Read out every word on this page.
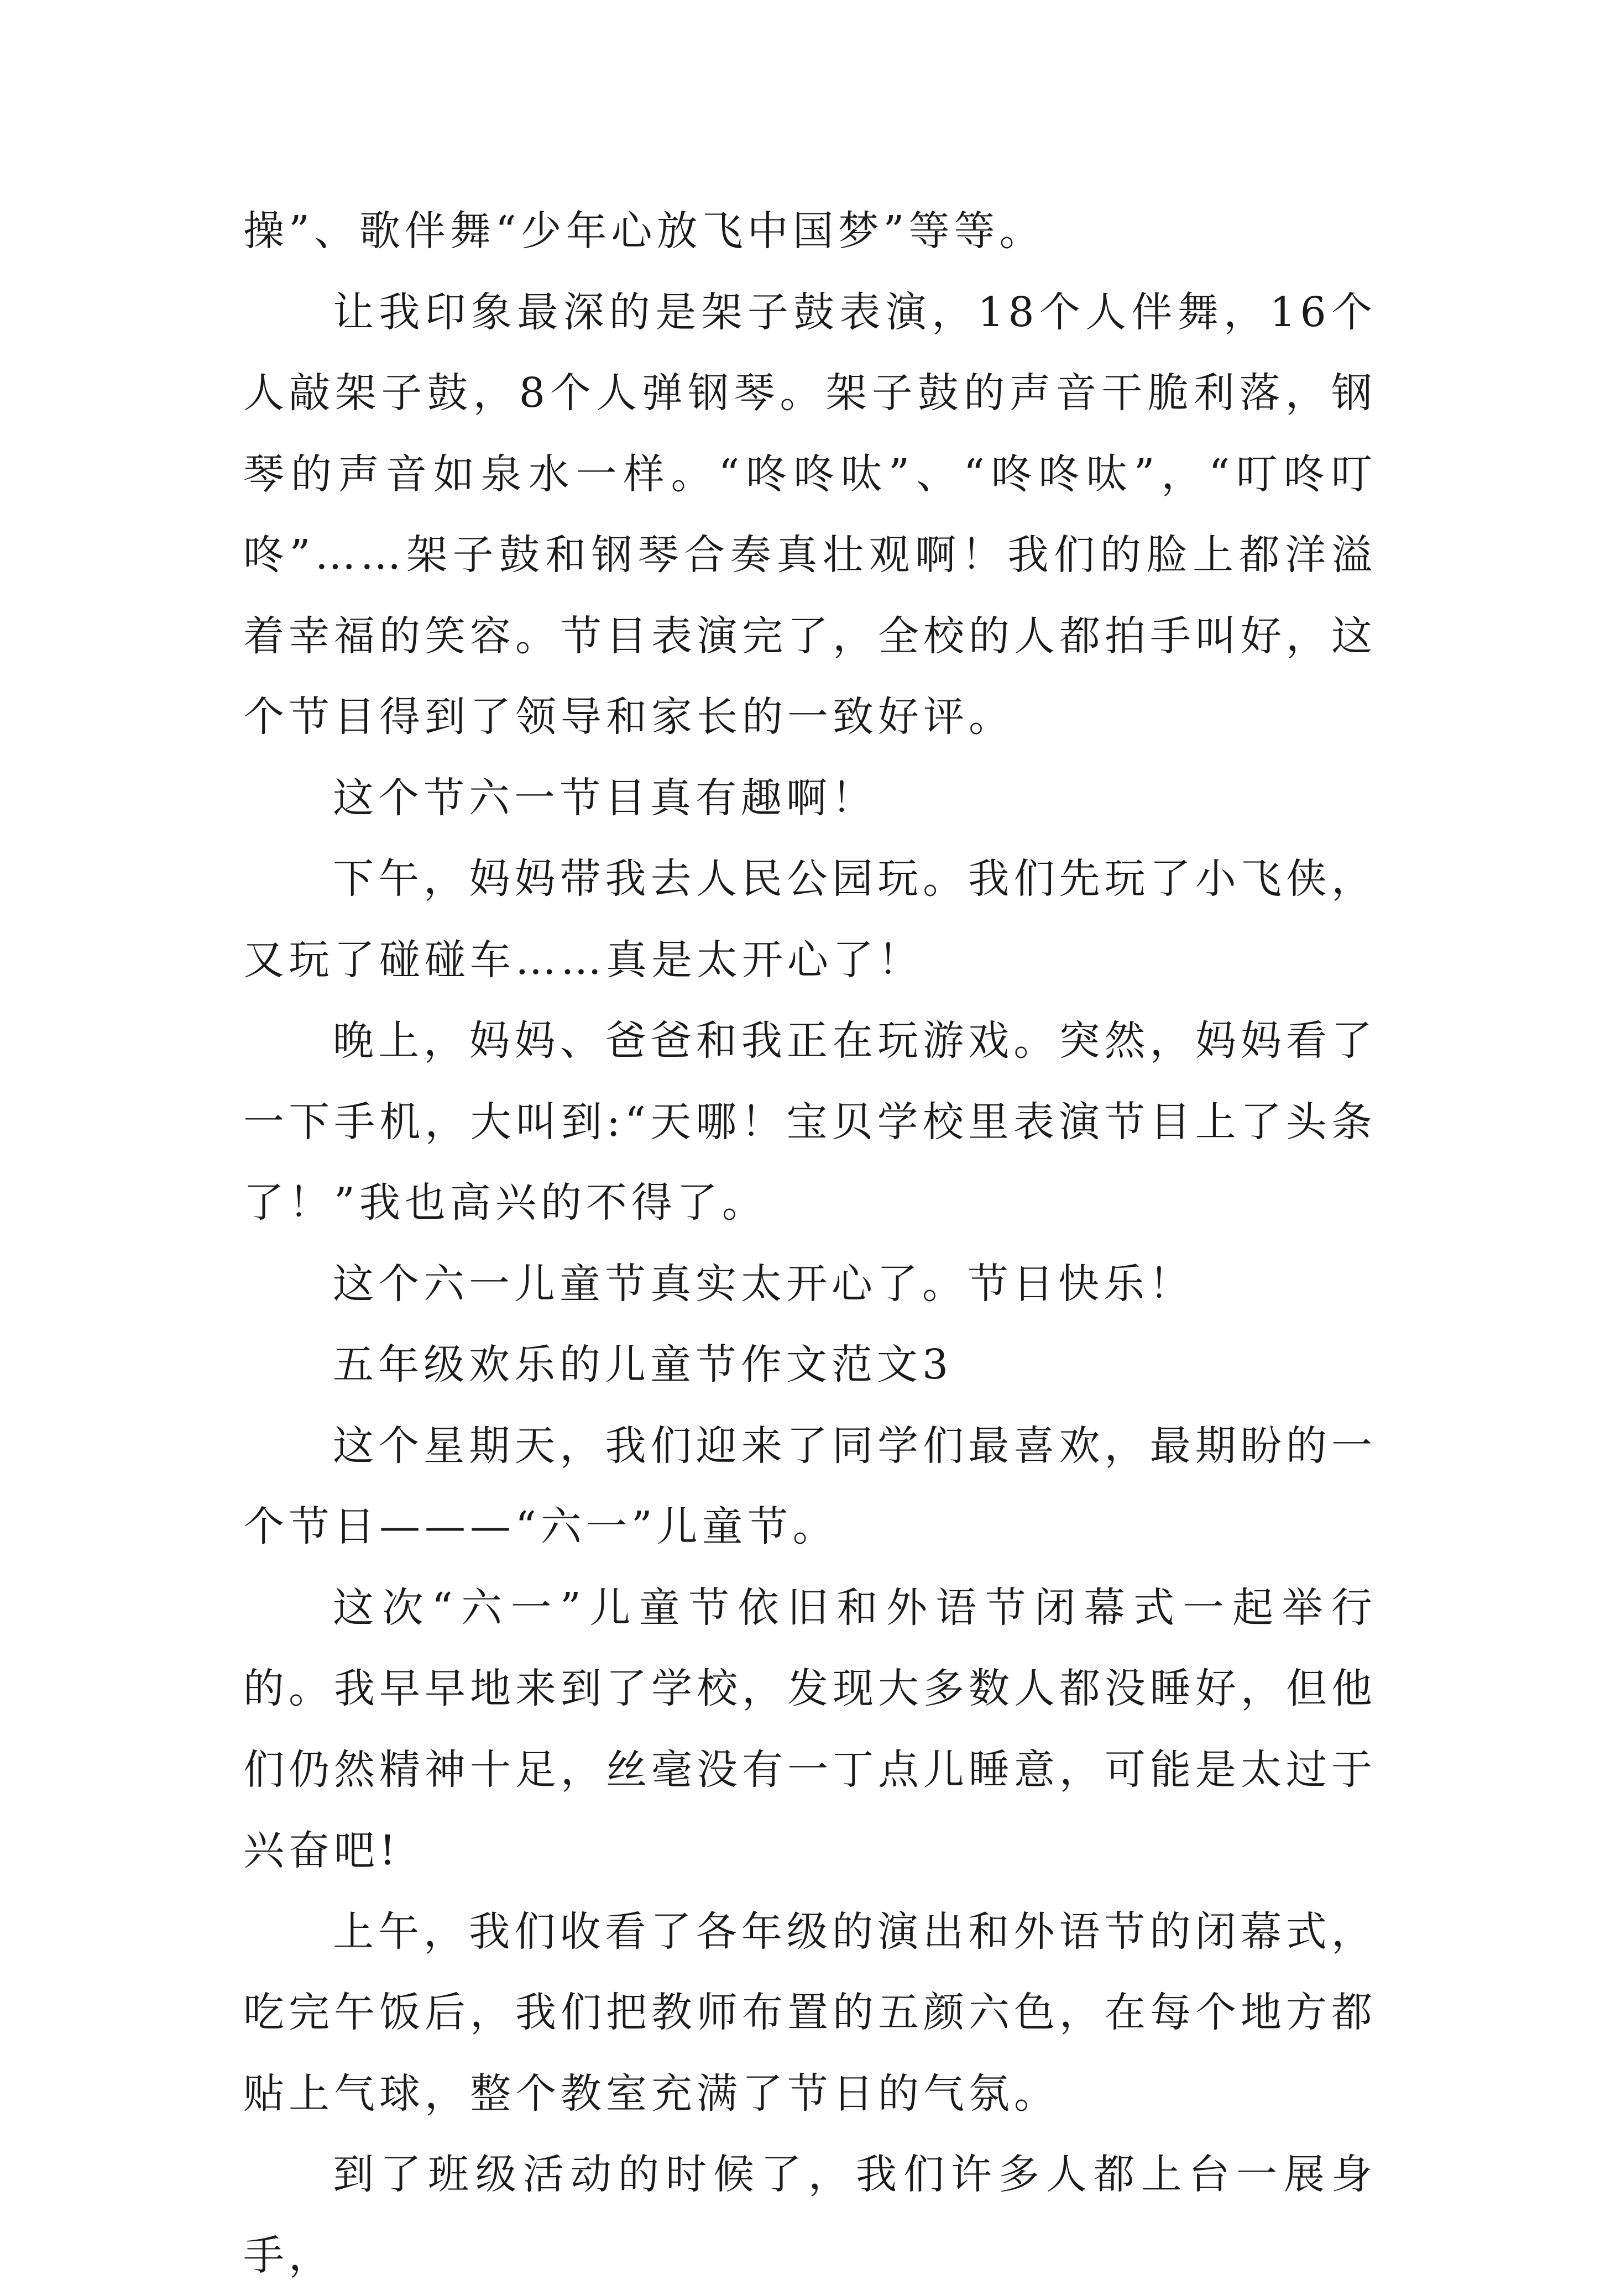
操”、歌伴舞“少年心放飞中国梦”等等。

让我印象最深的是架子鼓表演，18个人伴舞，16个人敲架子鼓，8个人弹钢琴。架子鼓的声音干脆利落，钢琴的声音如泉水一样。“咚咚呔”、“咚咚呔”，“叮咚叮咚”……架子鼓和钢琴合奏真壮观啊！我们的脸上都洋溢着幸福的笑容。节目表演完了，全校的人都拍手叫好，这个节目得到了领导和家长的一致好评。

这个节六一节目真有趣啊！

下午，妈妈带我去人民公园玩。我们先玩了小飞侠，又玩了碰碰车……真是太开心了！

晚上，妈妈、爸爸和我正在玩游戏。突然，妈妈看了一下手机，大叫到:“天哪！宝贝学校里表演节目上了头条了！”我也高兴的不得了。

这个六一儿童节真实太开心了。节日快乐！

五年级欢乐的儿童节作文范文3

这个星期天，我们迎来了同学们最喜欢，最期盼的一个节日———“六一”儿童节。

这次“六一”儿童节依旧和外语节闭幕式一起举行的。我早早地来到了学校，发现大多数人都没睡好，但他们仍然精神十足，丝毫没有一丁点儿睡意，可能是太过于兴奋吧!

上午，我们收看了各年级的演出和外语节的闭幕式，吃完午饭后，我们把教师布置的五颜六色，在每个地方都贴上气球，整个教室充满了节日的气氛。

到了班级活动的时候了，我们许多人都上台一展身手，
